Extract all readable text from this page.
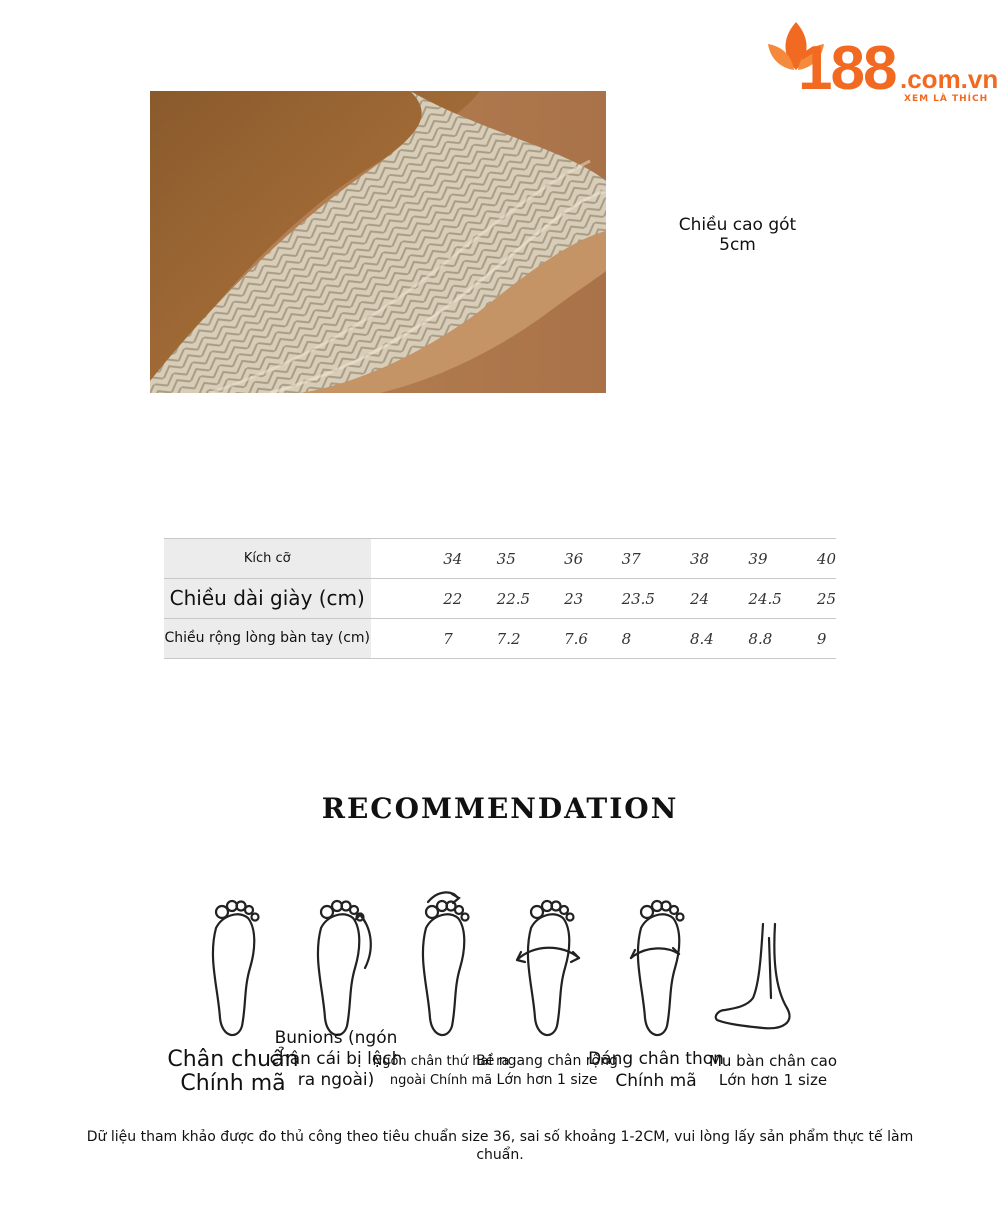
188 .com.vn
XEM LÀ THÍCH
Chiều cao gót
5cm
Kích cỡ		34	35	36	37	38	39	40
Chiều dài giày (cm)		22	22.5	23	23.5	24	24.5	25
Chiều rộng lòng bàn tay (cm)		7	7.2	7.6	8	8.4	8.8	9
RECOMMENDATION
Chân chuẩn Chính mã
Bunions (ngón chân cái bị lệch ra ngoài)
Ngón chân thứ hai ra ngoài Chính mã
Bề ngang chân rộng Lớn hơn 1 size
Dáng chân thon Chính mã
Mu bàn chân cao Lớn hơn 1 size
Dữ liệu tham khảo được đo thủ công theo tiêu chuẩn size 36, sai số khoảng 1-2CM, vui lòng lấy sản phẩm thực tế làm chuẩn.
